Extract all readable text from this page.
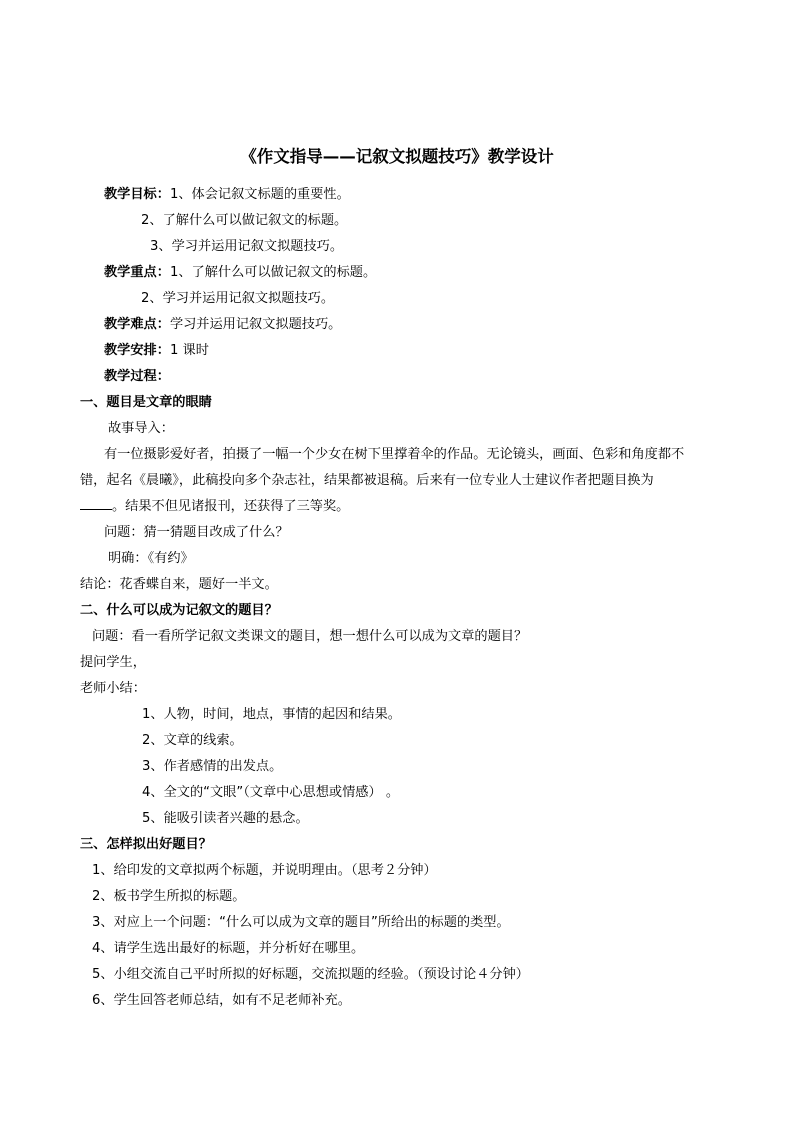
《作文指导——记叙文拟题技巧》教学设计
教学目标：1、体会记叙文标题的重要性。
2、了解什么可以做记叙文的标题。
3、学习并运用记叙文拟题技巧。
教学重点：1、了解什么可以做记叙文的标题。
2、学习并运用记叙文拟题技巧。
教学难点：学习并运用记叙文拟题技巧。
教学安排：1 课时
教学过程：
一、题目是文章的眼睛
故事导入：
有一位摄影爱好者，拍摄了一幅一个少女在树下里撑着伞的作品。无论镜头，画面、色彩和角度都不
错，起名《晨曦》，此稿投向多个杂志社，结果都被退稿。后来有一位专业人士建议作者把题目换为
。结果不但见诸报刊，还获得了三等奖。
问题：猜一猜题目改成了什么？
明确：《有约》
结论：花香蝶自来，题好一半文。
二、什么可以成为记叙文的题目？
问题：看一看所学记叙文类课文的题目，想一想什么可以成为文章的题目？
提问学生，
老师小结：
1、人物，时间，地点，事情的起因和结果。
2、文章的线索。
3、作者感情的出发点。
4、全文的“文眼”（文章中心思想或情感） 。
5、能吸引读者兴趣的悬念。
三、怎样拟出好题目？
1、给印发的文章拟两个标题，并说明理由。（思考２分钟）
2、板书学生所拟的标题。
3、对应上一个问题：“什么可以成为文章的题目”所给出的标题的类型。
4、请学生选出最好的标题，并分析好在哪里。
5、小组交流自己平时所拟的好标题，交流拟题的经验。（预设讨论４分钟）
6、学生回答老师总结，如有不足老师补充。
